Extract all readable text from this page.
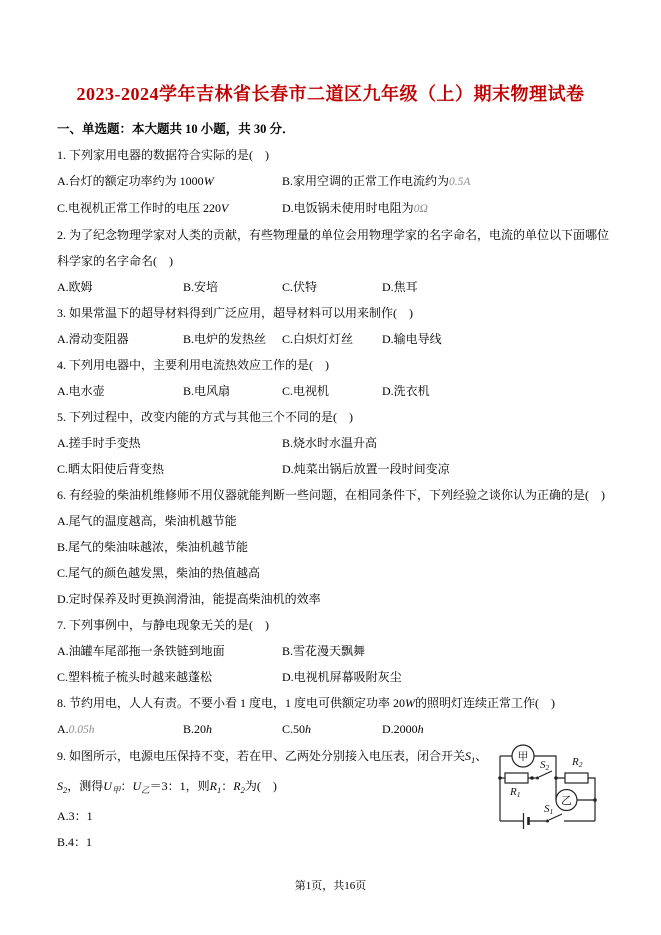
2023-2024学年吉林省长春市二道区九年级（上）期末物理试卷
一、单选题：本大题共 10 小题，共 30 分．
1. 下列家用电器的数据符合实际的是(　)
A.台灯的额定功率约为 1000W	B.家用空调的正常工作电流约为0.5A
C.电视机正常工作时的电压 220V	D.电饭锅未使用时电阻为0Ω
2. 为了纪念物理学家对人类的贡献，有些物理量的单位会用物理学家的名字命名，电流的单位以下面哪位
科学家的名字命名(　)
A.欧姆	B.安培	C.伏特	D.焦耳
3. 如果常温下的超导材料得到广泛应用，超导材料可以用来制作(　)
A.滑动变阻器	B.电炉的发热丝	C.白炽灯灯丝	D.输电导线
4. 下列用电器中，主要利用电流热效应工作的是(　)
A.电水壶	B.电风扇	C.电视机	D.洗衣机
5. 下列过程中，改变内能的方式与其他三个不同的是(　)
A.搓手时手变热	B.烧水时水温升高
C.晒太阳使后背变热	D.炖菜出锅后放置一段时间变凉
6. 有经验的柴油机维修师不用仪器就能判断一些问题，在相同条件下，下列经验之谈你认为正确的是(　)
A.尾气的温度越高，柴油机越节能
B.尾气的柴油味越浓，柴油机越节能
C.尾气的颜色越发黑，柴油的热值越高
D.定时保养及时更换润滑油，能提高柴油机的效率
7. 下列事例中，与静电现象无关的是(　)
A.油罐车尾部拖一条铁链到地面	B.雪花漫天飘舞
C.塑料梳子梳头时越来越蓬松	D.电视机屏幕吸附灰尘
8. 节约用电，人人有责。不要小看 1 度电，1 度电可供额定功率 20W的照明灯连续正常工作(　)
A.0.05h	B.20h	C.50h	D.2000h
9. 如图所示，电源电压保持不变，若在甲、乙两处分别接入电压表，闭合开关$S_1$、
$S_2$，测得$U_甲$：$U_乙=3$：1，则$R_1$：$R_2$为(　)
A.3：1
B.4：1
甲
乙
R1
R2
S2
S1
第1页，共16页
